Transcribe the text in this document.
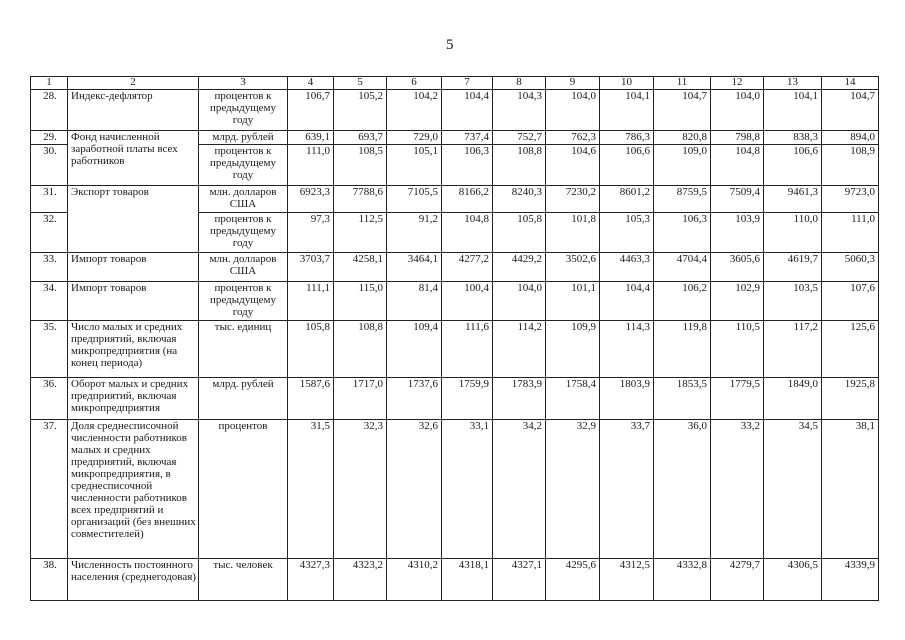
5
1	2	3	4	5	6	7	8	9	10	11	12	13	14
28.	Индекс-дефлятор	процентов к предыдущему году	106,7	105,2	104,2	104,4	104,3	104,0	104,1	104,7	104,0	104,1	104,7
29.	Фонд начисленной заработной платы всех работников	млрд. рублей	639,1	693,7	729,0	737,4	752,7	762,3	786,3	820,8	798,8	838,3	894,0
30.		процентов к предыдущему году	111,0	108,5	105,1	106,3	108,8	104,6	106,6	109,0	104,8	106,6	108,9
31.	Экспорт товаров	млн. долларов США	6923,3	7788,6	7105,5	8166,2	8240,3	7230,2	8601,2	8759,5	7509,4	9461,3	9723,0
32.		процентов к предыдущему году	97,3	112,5	91,2	104,8	105,8	101,8	105,3	106,3	103,9	110,0	111,0
33.	Импорт товаров	млн. долларов США	3703,7	4258,1	3464,1	4277,2	4429,2	3502,6	4463,3	4704,4	3605,6	4619,7	5060,3
34.	Импорт товаров	процентов к предыдущему году	111,1	115,0	81,4	100,4	104,0	101,1	104,4	106,2	102,9	103,5	107,6
35.	Число малых и средних предприятий, включая микропредприятия (на конец периода)	тыс. единиц	105,8	108,8	109,4	111,6	114,2	109,9	114,3	119,8	110,5	117,2	125,6
36.	Оборот малых и средних предприятий, включая микропредприятия	млрд. рублей	1587,6	1717,0	1737,6	1759,9	1783,9	1758,4	1803,9	1853,5	1779,5	1849,0	1925,8
37.	Доля среднесписочной численности работников малых и средних предприятий, включая микропредприятия, в среднесписочной численности работников всех предприятий и организаций (без внешних совместителей)	процентов	31,5	32,3	32,6	33,1	34,2	32,9	33,7	36,0	33,2	34,5	38,1
38.	Численность постоянного населения (среднегодовая)	тыс. человек	4327,3	4323,2	4310,2	4318,1	4327,1	4295,6	4312,5	4332,8	4279,7	4306,5	4339,9
